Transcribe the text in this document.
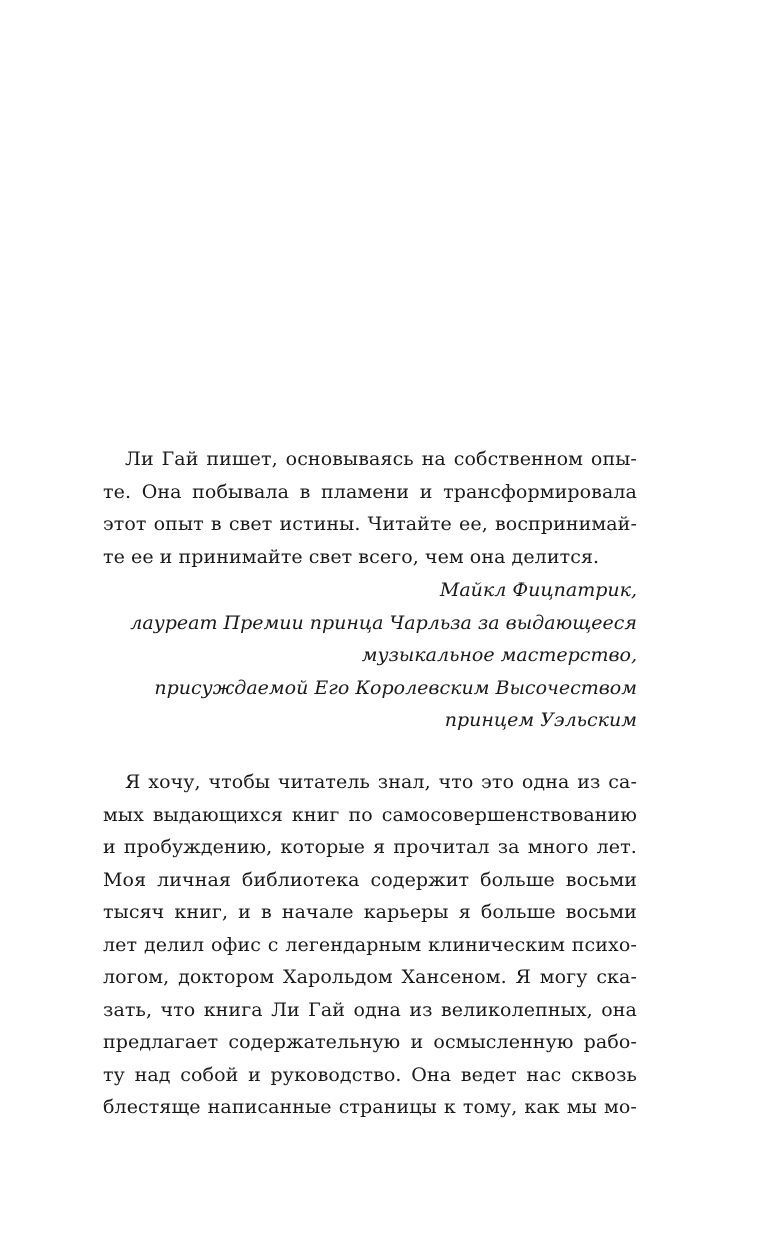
Ли Гай пишет, основываясь на собственном опы-
те. Она побывала в пламени и трансформировала
этот опыт в свет истины. Читайте ее, воспринимай-
те ее и принимайте свет всего, чем она делится.
Майкл Фицпатрик,
лауреат Премии принца Чарльза за выдающееся
музыкальное мастерство,
присуждаемой Его Королевским Высочеством
принцем Уэльским
Я хочу, чтобы читатель знал, что это одна из са-
мых выдающихся книг по самосовершенствованию
и пробуждению, которые я прочитал за много лет.
Моя личная библиотека содержит больше восьми
тысяч книг, и в начале карьеры я больше восьми
лет делил офис с легендарным клиническим психо-
логом, доктором Харольдом Хансеном. Я могу ска-
зать, что книга Ли Гай одна из великолепных, она
предлагает содержательную и осмысленную рабо-
ту над собой и руководство. Она ведет нас сквозь
блестяще написанные страницы к тому, как мы мо-
